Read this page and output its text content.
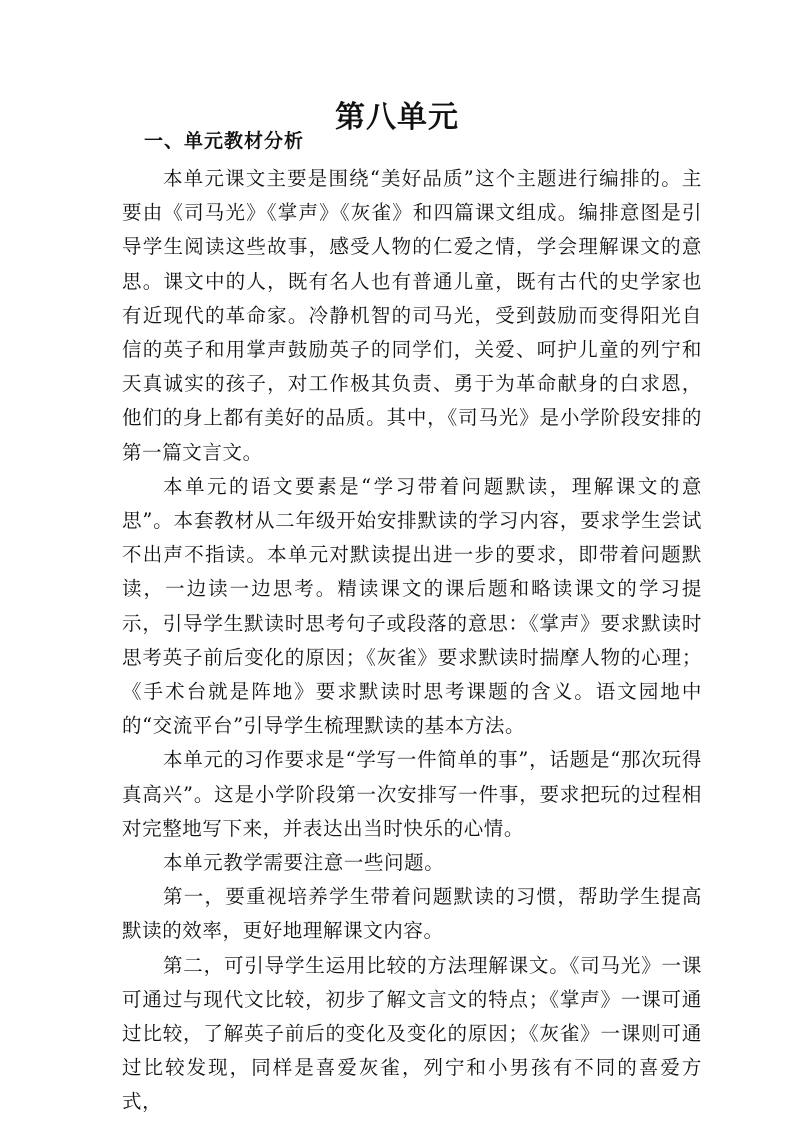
第八单元
一、单元教材分析

本单元课文主要是围绕“美好品质”这个主题进行编排的。主要由《司马光》《掌声》《灰雀》和四篇课文组成。编排意图是引导学生阅读这些故事，感受人物的仁爱之情，学会理解课文的意思。课文中的人，既有名人也有普通儿童，既有古代的史学家也有近现代的革命家。冷静机智的司马光，受到鼓励而变得阳光自信的英子和用掌声鼓励英子的同学们，关爱、呵护儿童的列宁和天真诚实的孩子，对工作极其负责、勇于为革命献身的白求恩，他们的身上都有美好的品质。其中，《司马光》是小学阶段安排的第一篇文言文。

本单元的语文要素是“学习带着问题默读，理解课文的意思”。本套教材从二年级开始安排默读的学习内容，要求学生尝试不出声不指读。本单元对默读提出进一步的要求，即带着问题默读，一边读一边思考。精读课文的课后题和略读课文的学习提示，引导学生默读时思考句子或段落的意思：《掌声》要求默读时思考英子前后变化的原因；《灰雀》要求默读时揣摩人物的心理；《手术台就是阵地》要求默读时思考课题的含义。语文园地中的“交流平台”引导学生梳理默读的基本方法。

本单元的习作要求是“学写一件简单的事”，话题是“那次玩得真高兴”。这是小学阶段第一次安排写一件事，要求把玩的过程相对完整地写下来，并表达出当时快乐的心情。

本单元教学需要注意一些问题。

第一，要重视培养学生带着问题默读的习惯，帮助学生提高默读的效率，更好地理解课文内容。

第二，可引导学生运用比较的方法理解课文。《司马光》一课可通过与现代文比较，初步了解文言文的特点；《掌声》一课可通过比较，了解英子前后的变化及变化的原因；《灰雀》一课则可通过比较发现，同样是喜爱灰雀，列宁和小男孩有不同的喜爱方式，
